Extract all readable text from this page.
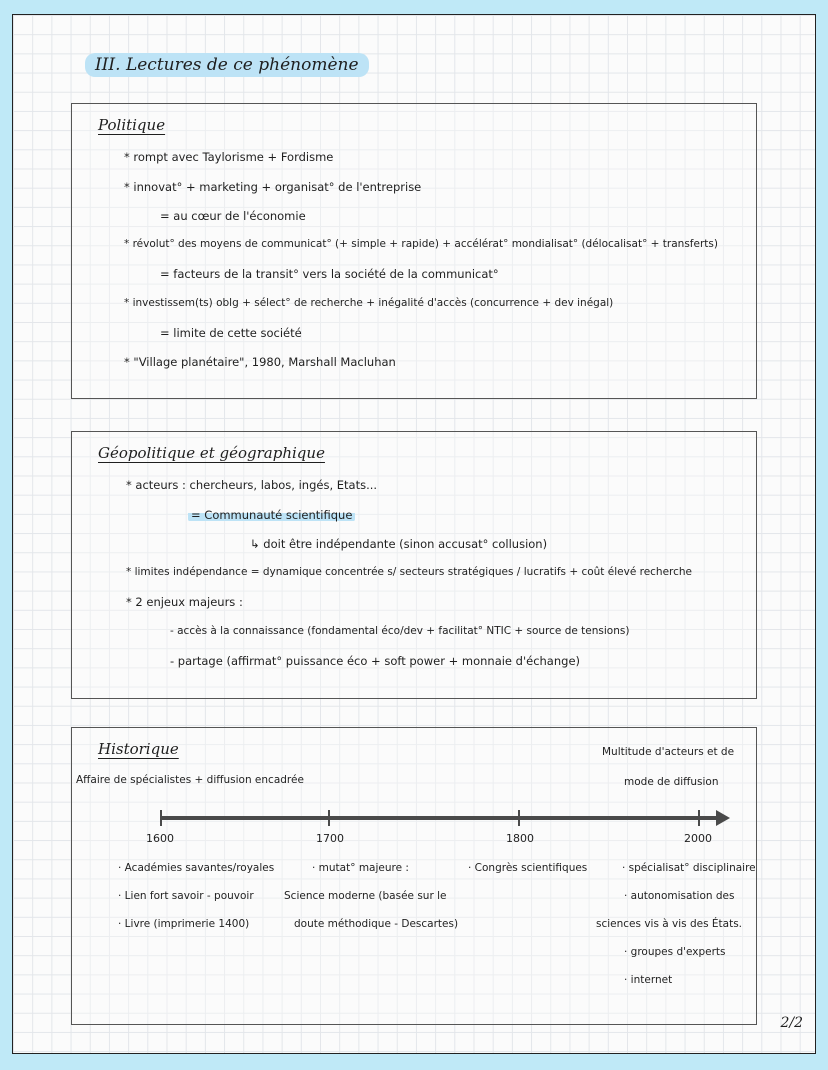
III. Lectures de ce phénomène
Politique
* rompt avec Taylorisme + Fordisme
* innovat° + marketing + organisat° de l'entreprise
= au cœur de l'économie
* révolut° des moyens de communicat° (+ simple + rapide) + accélérat° mondialisat° (délocalisat° + transferts)
= facteurs de la transit° vers la société de la communicat°
* investissem(ts) oblg + sélect° de recherche + inégalité d'accès (concurrence + dev inégal)
= limite de cette société
* "Village planétaire", 1980, Marshall Macluhan
Géopolitique et géographique
* acteurs : chercheurs, labos, ingés, Etats...
= Communauté scientifique
↳ doit être indépendante (sinon accusat° collusion)
* limites indépendance = dynamique concentrée s/ secteurs stratégiques / lucratifs + coût élevé recherche
* 2 enjeux majeurs :
- accès à la connaissance (fondamental éco/dev + facilitat° NTIC + source de tensions)
- partage (affirmat° puissance éco + soft power + monnaie d'échange)
Historique
Affaire de spécialistes + diffusion encadrée
Multitude d'acteurs et de
mode de diffusion
1600	1700	1800	2000
· Académies savantes/royales
· Lien fort savoir - pouvoir
· Livre (imprimerie 1400)
· mutat° majeure :
Science moderne (basée sur le
doute méthodique - Descartes)
· Congrès scientifiques	· spécialisat° disciplinaire
· autonomisation des
sciences vis à vis des États.
· groupes d'experts
· internet
2/2
